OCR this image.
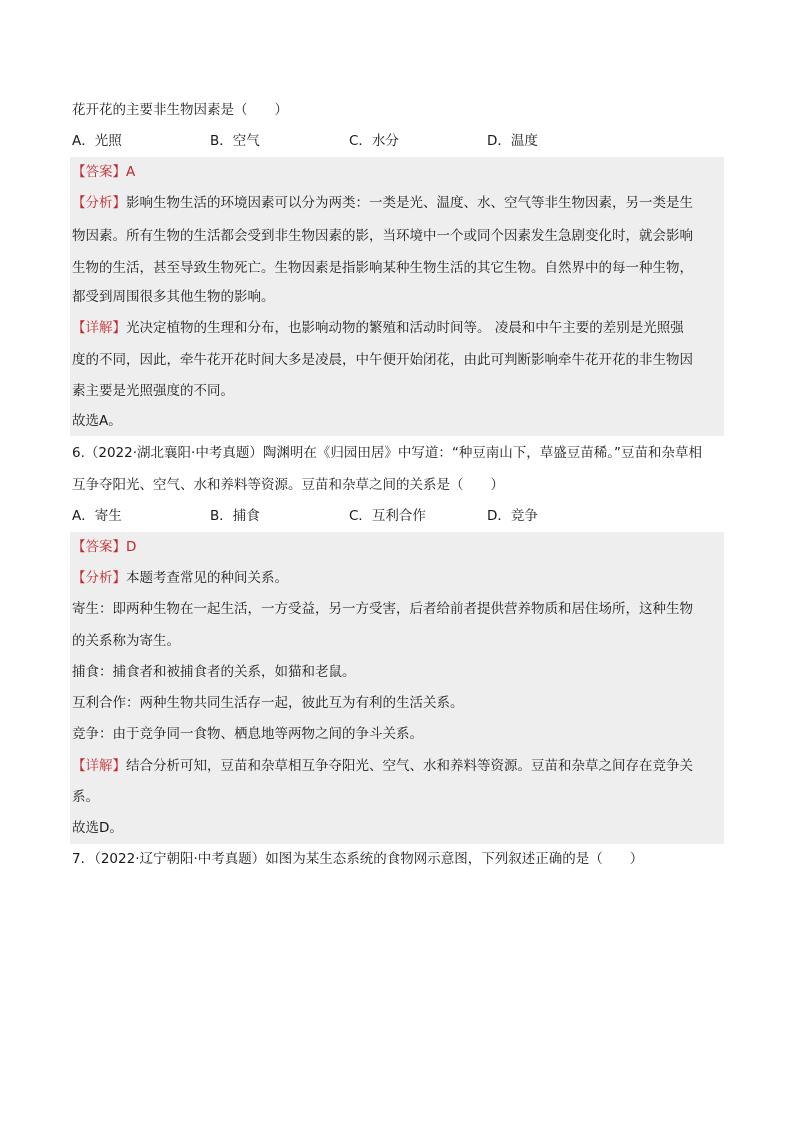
花开花的主要非生物因素是（　　）
A．光照	B．空气	C．水分	D．温度
【答案】A
【分析】影响生物生活的环境因素可以分为两类：一类是光、温度、水、空气等非生物因素，另一类是生
物因素。所有生物的生活都会受到非生物因素的影，当环境中一个或同个因素发生急剧变化时，就会影响
生物的生活，甚至导致生物死亡。生物因素是指影响某种生物生活的其它生物。自然界中的每一种生物，
都受到周围很多其他生物的影响。
【详解】光决定植物的生理和分布，也影响动物的繁殖和活动时间等。 凌晨和中午主要的差别是光照强
度的不同，因此，牵牛花开花时间大多是凌晨，中午便开始闭花，由此可判断影响牵牛花开花的非生物因
素主要是光照强度的不同。
故选A。
6.（2022·湖北襄阳·中考真题）陶渊明在《归园田居》中写道：“种豆南山下，草盛豆苗稀。”豆苗和杂草相
互争夺阳光、空气、水和养料等资源。豆苗和杂草之间的关系是（　　）
A．寄生	B．捕食	C．互利合作	D．竞争
【答案】D
【分析】本题考查常见的种间关系。
寄生：即两种生物在一起生活，一方受益，另一方受害，后者给前者提供营养物质和居住场所，这种生物
的关系称为寄生。
捕食：捕食者和被捕食者的关系，如猫和老鼠。
互利合作：两种生物共同生活存一起，彼此互为有利的生活关系。
竞争：由于竞争同一食物、栖息地等两物之间的争斗关系。
【详解】结合分析可知，豆苗和杂草相互争夺阳光、空气、水和养料等资源。豆苗和杂草之间存在竞争关
系。
故选D。
7．（2022·辽宁朝阳·中考真题）如图为某生态系统的食物网示意图，下列叙述正确的是（　　）
